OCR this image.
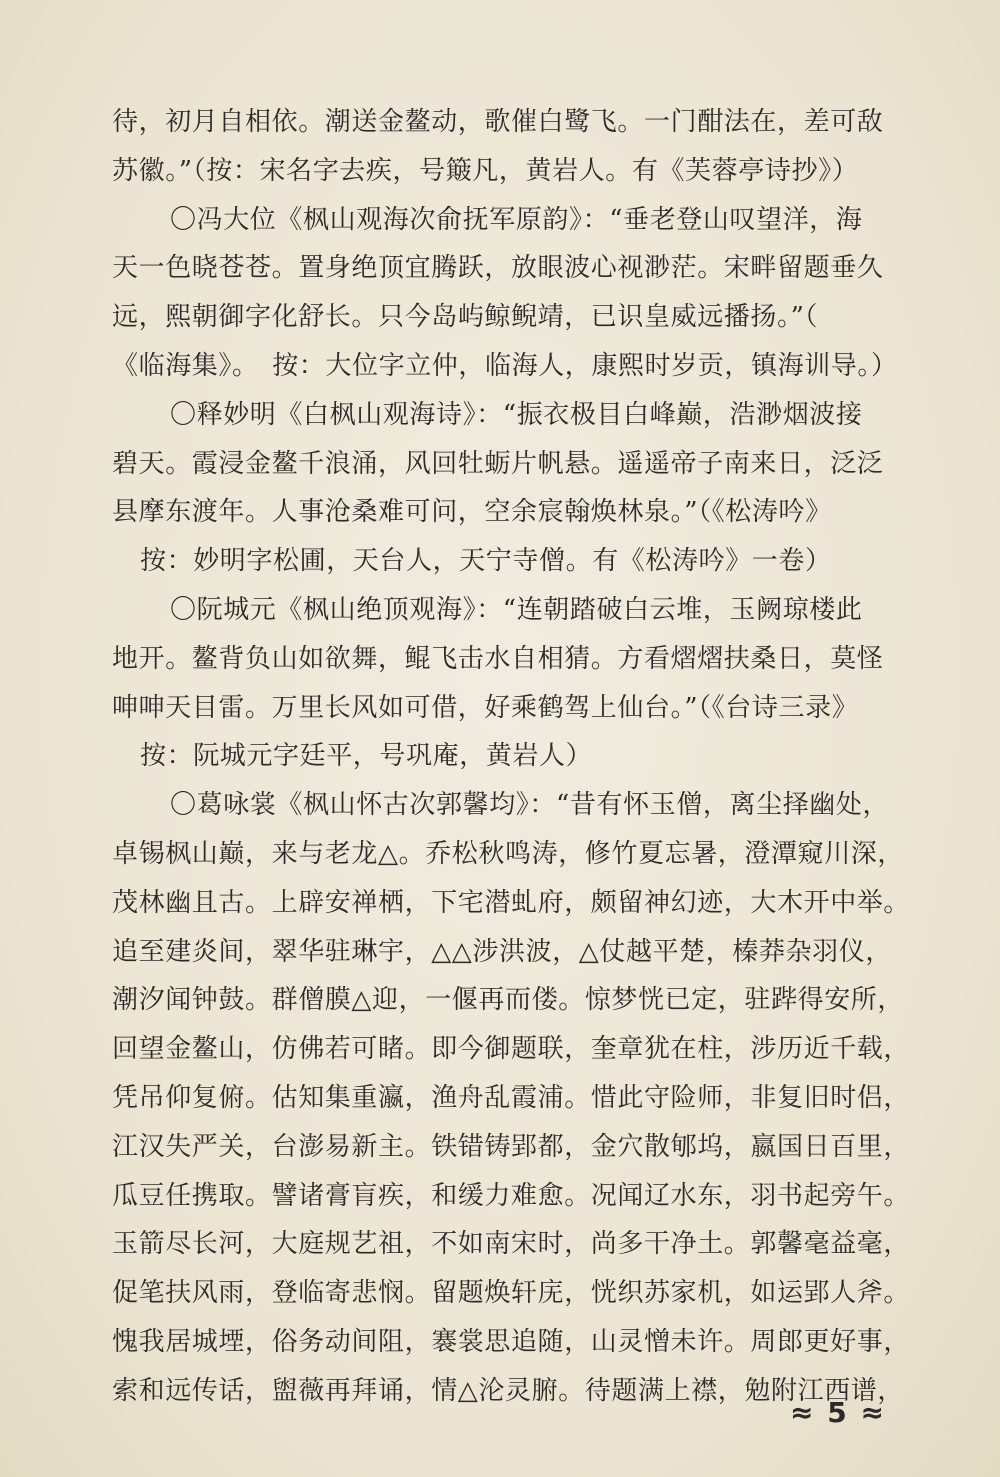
待，初月自相依。潮送金鳌动，歌催白鹭飞。一门酣法在，差可敌
苏徽。”（按：宋名字去疾，号簸凡，黄岩人。有《芙蓉亭诗抄》）
〇冯大位《枫山观海次俞抚军原韵》：“垂老登山叹望洋，海
天一色晓苍苍。置身绝顶宜腾跃，放眼波心视渺茫。宋畔留题垂久
远，熙朝御字化舒长。只今岛屿鲸鲵靖，已识皇威远播扬。”（
《临海集》。　按：大位字立仲，临海人，康熙时岁贡，镇海训导。）
〇释妙明《白枫山观海诗》：“振衣极目白峰巅，浩渺烟波接
碧天。霞浸金鳌千浪涌，风回牡蛎片帆悬。遥遥帝子南来日，泛泛
县摩东渡年。人事沧桑难可问，空余宸翰焕林泉。”（《松涛吟》
按：妙明字松圃，天台人，天宁寺僧。有《松涛吟》一卷）
〇阮城元《枫山绝顶观海》：“连朝踏破白云堆，玉阙琼楼此
地开。鳌背负山如欲舞，鲲飞击水自相猜。方看熠熠扶桑日，莫怪
呻呻天目雷。万里长风如可借，好乘鹤驾上仙台。”（《台诗三录》
按：阮城元字廷平，号巩庵，黄岩人）
〇葛咏裳《枫山怀古次郭馨均》：“昔有怀玉僧，离尘择幽处，
卓锡枫山巅，来与老龙△。乔松秋鸣涛，修竹夏忘暑，澄潭窥川深，
茂林幽且古。上辟安禅栖，下宅潜虬府，颇留神幻迹，大木开中举。
追至建炎间，翠华驻琳宇，△△涉洪波，△仗越平楚，榛莽杂羽仪，
潮汐闻钟鼓。群僧膜△迎，一偃再而偻。惊梦恍已定，驻跸得安所，
回望金鳌山，仿佛若可睹。即今御题联，奎章犹在柱，涉历近千载，
凭吊仰复俯。估知集重瀛，渔舟乱霞浦。惜此守险师，非复旧时侣，
江汉失严关，台澎易新主。铁错铸郢都，金穴散郇坞，嬴国日百里，
瓜豆任携取。譬诸膏肓疾，和缓力难愈。况闻辽水东，羽书起旁午。
玉箭尽长河，大庭规艺祖，不如南宋时，尚多干净土。郭馨毫益毫，
促笔扶风雨，登临寄悲悯。留题焕轩庑，恍织苏家机，如运郢人斧。
愧我居城堙，俗务动间阻，褰裳思追随，山灵憎未许。周郎更好事，
索和远传话，盥薇再拜诵，情△沦灵腑。待题满上襟，勉附江西谱，
≈ 5 ≈
